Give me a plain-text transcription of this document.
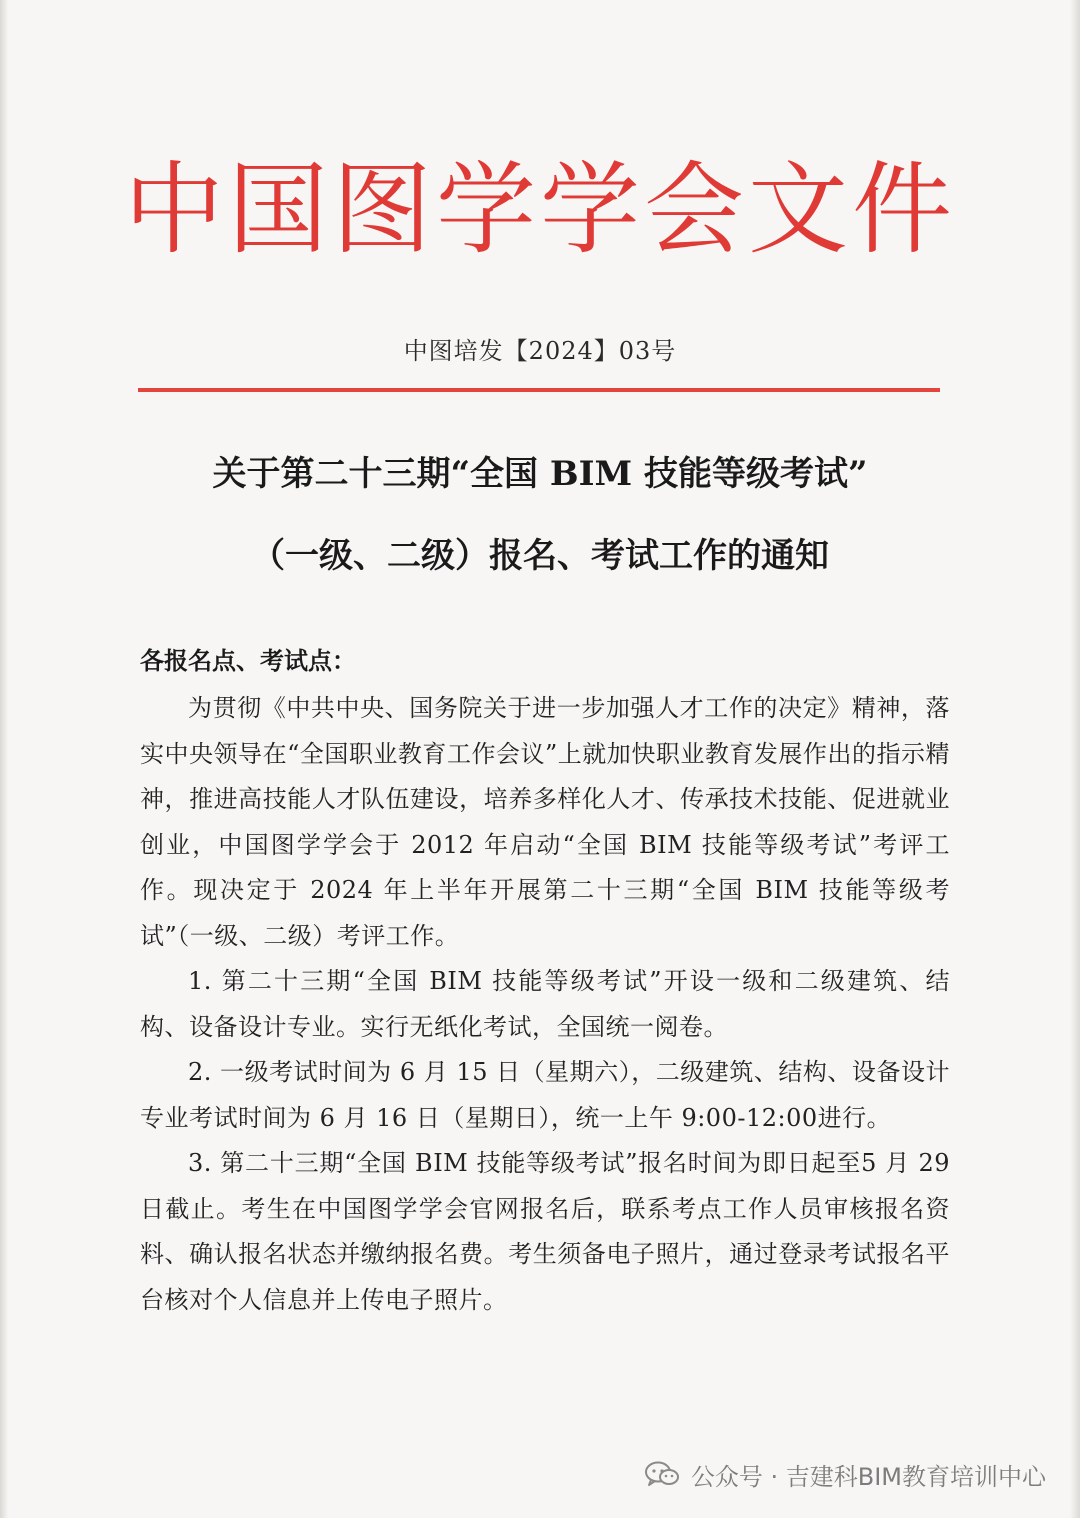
中国图学学会文件
中图培发【2024】03号
关于第二十三期“全国 BIM 技能等级考试”
（一级、二级）报名、考试工作的通知
各报名点、考试点：

为贯彻《中共中央、国务院关于进一步加强人才工作的决定》精神，落实中央领导在“全国职业教育工作会议”上就加快职业教育发展作出的指示精神，推进高技能人才队伍建设，培养多样化人才、传承技术技能、促进就业创业，中国图学学会于 2012 年启动“全国 BIM 技能等级考试”考评工作。现决定于 2024 年上半年开展第二十三期“全国 BIM 技能等级考试”（一级、二级）考评工作。

1. 第二十三期“全国 BIM 技能等级考试”开设一级和二级建筑、结构、设备设计专业。实行无纸化考试，全国统一阅卷。

2. 一级考试时间为 6 月 15 日（星期六），二级建筑、结构、设备设计专业考试时间为 6 月 16 日（星期日），统一上午 9:00-12:00进行。

3. 第二十三期“全国 BIM 技能等级考试”报名时间为即日起至5 月 29 日截止。考生在中国图学学会官网报名后，联系考点工作人员审核报名资料、确认报名状态并缴纳报名费。考生须备电子照片，通过登录考试报名平台核对个人信息并上传电子照片。

公众号 · 吉建科BIM教育培训中心
